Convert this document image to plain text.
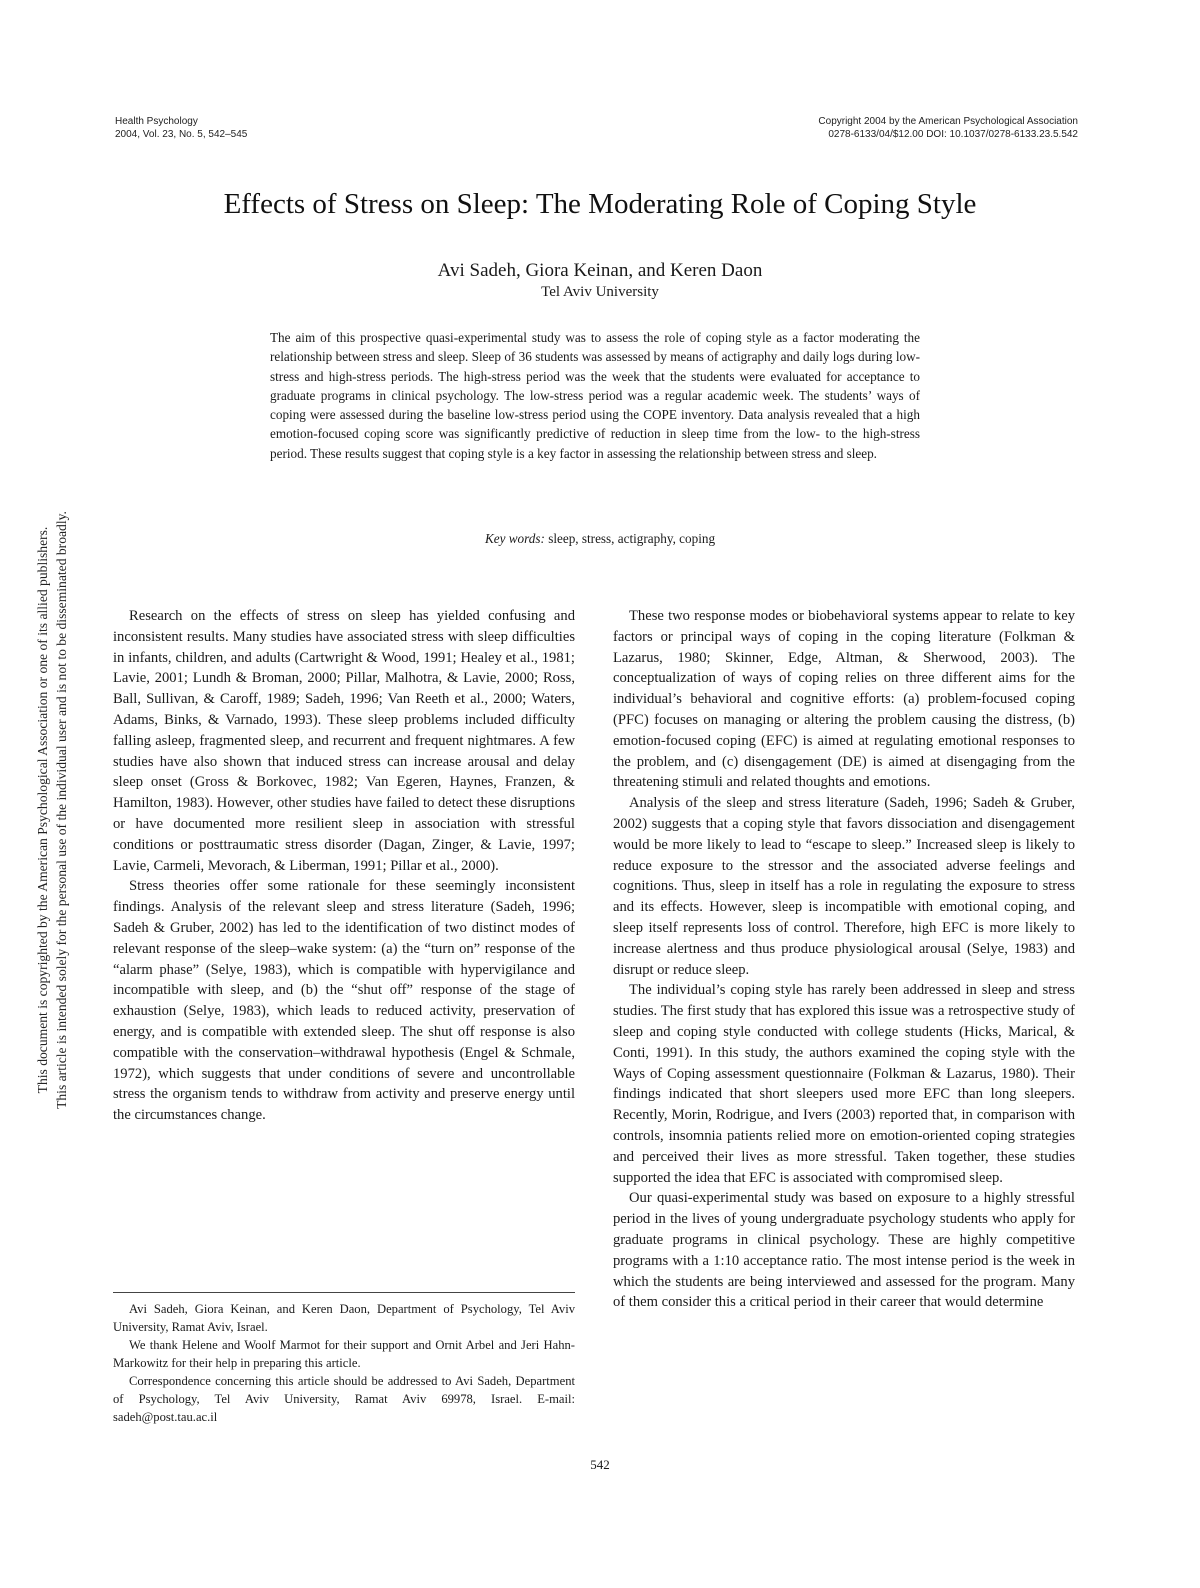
Health Psychology
2004, Vol. 23, No. 5, 542–545
Copyright 2004 by the American Psychological Association
0278-6133/04/$12.00 DOI: 10.1037/0278-6133.23.5.542
Effects of Stress on Sleep: The Moderating Role of Coping Style
Avi Sadeh, Giora Keinan, and Keren Daon
Tel Aviv University

The aim of this prospective quasi-experimental study was to assess the role of coping style as a factor moderating the relationship between stress and sleep. Sleep of 36 students was assessed by means of actigraphy and daily logs during low-stress and high-stress periods. The high-stress period was the week that the students were evaluated for acceptance to graduate programs in clinical psychology. The low-stress period was a regular academic week. The students’ ways of coping were assessed during the baseline low-stress period using the COPE inventory. Data analysis revealed that a high emotion-focused coping score was significantly predictive of reduction in sleep time from the low- to the high-stress period. These results suggest that coping style is a key factor in assessing the relationship between stress and sleep.

Key words: sleep, stress, actigraphy, coping
This document is copyrighted by the American Psychological Association or one of its allied publishers. This article is intended solely for the personal use of the individual user and is not to be disseminated broadly.	Research on the effects of stress on sleep has yielded confusing and inconsistent results. Many studies have associated stress with sleep difficulties in infants, children, and adults (Cartwright & Wood, 1991; Healey et al., 1981; Lavie, 2001; Lundh & Broman, 2000; Pillar, Malhotra, & Lavie, 2000; Ross, Ball, Sullivan, & Caroff, 1989; Sadeh, 1996; Van Reeth et al., 2000; Waters, Adams, Binks, & Varnado, 1993). These sleep problems included difficulty falling asleep, fragmented sleep, and recurrent and frequent nightmares. A few studies have also shown that induced stress can increase arousal and delay sleep onset (Gross & Borkovec, 1982; Van Egeren, Haynes, Franzen, & Hamilton, 1983). However, other studies have failed to detect these disruptions or have documented more resilient sleep in association with stressful conditions or posttraumatic stress disorder (Dagan, Zinger, & Lavie, 1997; Lavie, Carmeli, Mevorach, & Liberman, 1991; Pillar et al., 2000).

Stress theories offer some rationale for these seemingly inconsistent findings. Analysis of the relevant sleep and stress literature (Sadeh, 1996; Sadeh & Gruber, 2002) has led to the identification of two distinct modes of relevant response of the sleep–wake system: (a) the “turn on” response of the “alarm phase” (Selye, 1983), which is compatible with hypervigilance and incompatible with sleep, and (b) the “shut off” response of the stage of exhaustion (Selye, 1983), which leads to reduced activity, preservation of energy, and is compatible with extended sleep. The shut off response is also compatible with the conservation–withdrawal hypothesis (Engel & Schmale, 1972), which suggests that under conditions of severe and uncontrollable stress the organism tends to withdraw from activity and preserve energy until the circumstances change.

These two response modes or biobehavioral systems appear to relate to key factors or principal ways of coping in the coping literature (Folkman & Lazarus, 1980; Skinner, Edge, Altman, & Sherwood, 2003). The conceptualization of ways of coping relies on three different aims for the individual’s behavioral and cognitive efforts: (a) problem-focused coping (PFC) focuses on managing or altering the problem causing the distress, (b) emotion-focused coping (EFC) is aimed at regulating emotional responses to the problem, and (c) disengagement (DE) is aimed at disengaging from the threatening stimuli and related thoughts and emotions.

Analysis of the sleep and stress literature (Sadeh, 1996; Sadeh & Gruber, 2002) suggests that a coping style that favors dissociation and disengagement would be more likely to lead to “escape to sleep.” Increased sleep is likely to reduce exposure to the stressor and the associated adverse feelings and cognitions. Thus, sleep in itself has a role in regulating the exposure to stress and its effects. However, sleep is incompatible with emotional coping, and sleep itself represents loss of control. Therefore, high EFC is more likely to increase alertness and thus produce physiological arousal (Selye, 1983) and disrupt or reduce sleep.

The individual’s coping style has rarely been addressed in sleep and stress studies. The first study that has explored this issue was a retrospective study of sleep and coping style conducted with college students (Hicks, Marical, & Conti, 1991). In this study, the authors examined the coping style with the Ways of Coping assessment questionnaire (Folkman & Lazarus, 1980). Their findings indicated that short sleepers used more EFC than long sleepers. Recently, Morin, Rodrigue, and Ivers (2003) reported that, in comparison with controls, insomnia patients relied more on emotion-oriented coping strategies and perceived their lives as more stressful. Taken together, these studies supported the idea that EFC is associated with compromised sleep.

Our quasi-experimental study was based on exposure to a highly stressful period in the lives of young undergraduate psychology students who apply for graduate programs in clinical psychology. These are highly competitive programs with a 1:10 acceptance ratio. The most intense period is the week in which the students are being interviewed and assessed for the program. Many of them consider this a critical period in their career that would determine

Avi Sadeh, Giora Keinan, and Keren Daon, Department of Psychology, Tel Aviv University, Ramat Aviv, Israel.

We thank Helene and Woolf Marmot for their support and Ornit Arbel and Jeri Hahn-Markowitz for their help in preparing this article.

Correspondence concerning this article should be addressed to Avi Sadeh, Department of Psychology, Tel Aviv University, Ramat Aviv 69978, Israel. E-mail: sadeh@post.tau.ac.il

542
